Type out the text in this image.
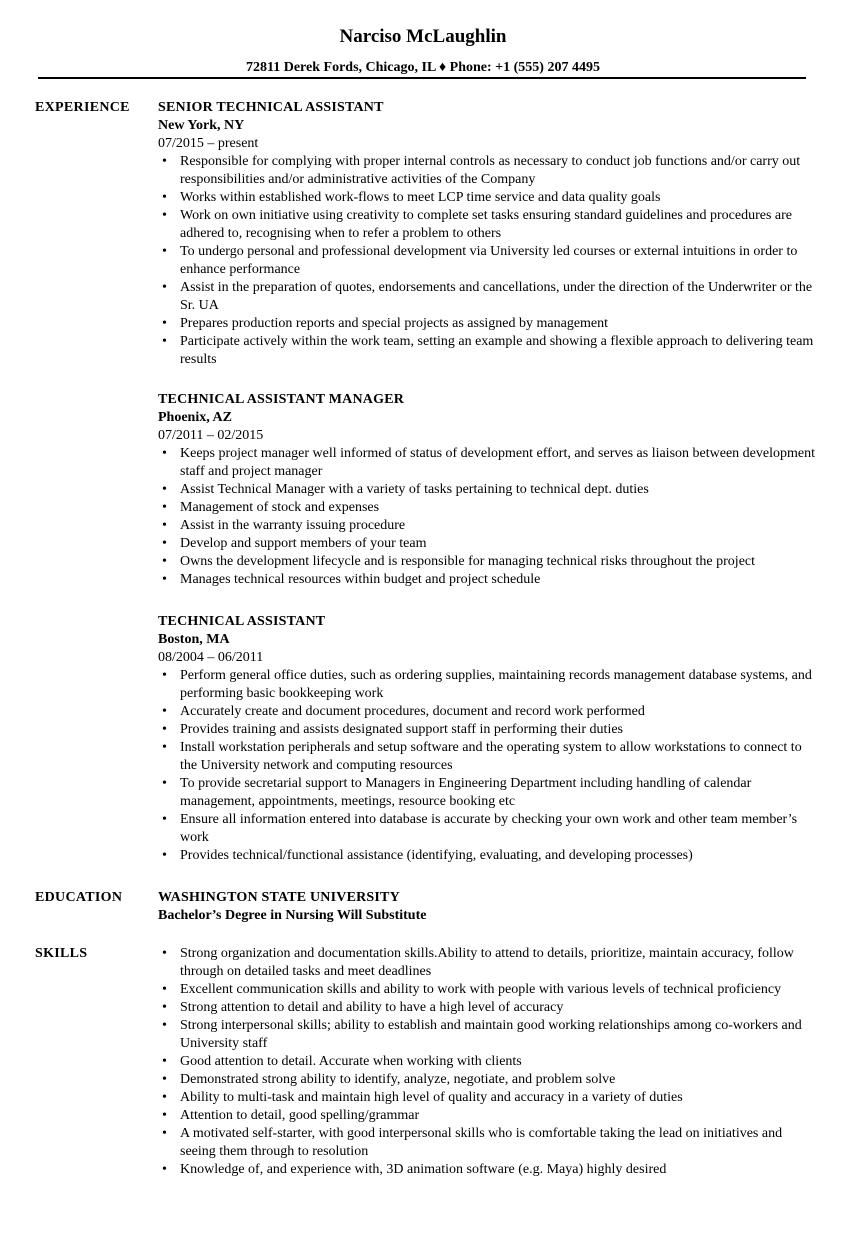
Narciso McLaughlin
72811 Derek Fords, Chicago, IL ♦ Phone: +1 (555) 207 4495
EXPERIENCE SENIOR TECHNICAL ASSISTANT
New York, NY
07/2015 – present
• Responsible for complying with proper internal controls as necessary to conduct job functions and/or carry out responsibilities and/or administrative activities of the Company
• Works within established work-flows to meet LCP time service and data quality goals
• Work on own initiative using creativity to complete set tasks ensuring standard guidelines and procedures are adhered to, recognising when to refer a problem to others
• To undergo personal and professional development via University led courses or external intuitions in order to enhance performance
• Assist in the preparation of quotes, endorsements and cancellations, under the direction of the Underwriter or the Sr. UA
• Prepares production reports and special projects as assigned by management
• Participate actively within the work team, setting an example and showing a flexible approach to delivering team results
TECHNICAL ASSISTANT MANAGER
Phoenix, AZ
07/2011 – 02/2015
• Keeps project manager well informed of status of development effort, and serves as liaison between development staff and project manager
• Assist Technical Manager with a variety of tasks pertaining to technical dept. duties
• Management of stock and expenses
• Assist in the warranty issuing procedure
• Develop and support members of your team
• Owns the development lifecycle and is responsible for managing technical risks throughout the project
• Manages technical resources within budget and project schedule
TECHNICAL ASSISTANT
Boston, MA
08/2004 – 06/2011
• Perform general office duties, such as ordering supplies, maintaining records management database systems, and performing basic bookkeeping work
• Accurately create and document procedures, document and record work performed
• Provides training and assists designated support staff in performing their duties
• Install workstation peripherals and setup software and the operating system to allow workstations to connect to the University network and computing resources
• To provide secretarial support to Managers in Engineering Department including handling of calendar management, appointments, meetings, resource booking etc
• Ensure all information entered into database is accurate by checking your own work and other team member’s work
• Provides technical/functional assistance (identifying, evaluating, and developing processes)
EDUCATION	WASHINGTON STATE UNIVERSITY
Bachelor’s Degree in Nursing Will Substitute
SKILLS
•	Strong organization and documentation skills.Ability to attend to details, prioritize, maintain accuracy, follow through on detailed tasks and meet deadlines
• Excellent communication skills and ability to work with people with various levels of technical proficiency
• Strong attention to detail and ability to have a high level of accuracy
• Strong interpersonal skills; ability to establish and maintain good working relationships among co-workers and University staff
• Good attention to detail. Accurate when working with clients
• Demonstrated strong ability to identify, analyze, negotiate, and problem solve
• Ability to multi-task and maintain high level of quality and accuracy in a variety of duties
• Attention to detail, good spelling/grammar
• A motivated self-starter, with good interpersonal skills who is comfortable taking the lead on initiatives and seeing them through to resolution
• Knowledge of, and experience with, 3D animation software (e.g. Maya) highly desired
